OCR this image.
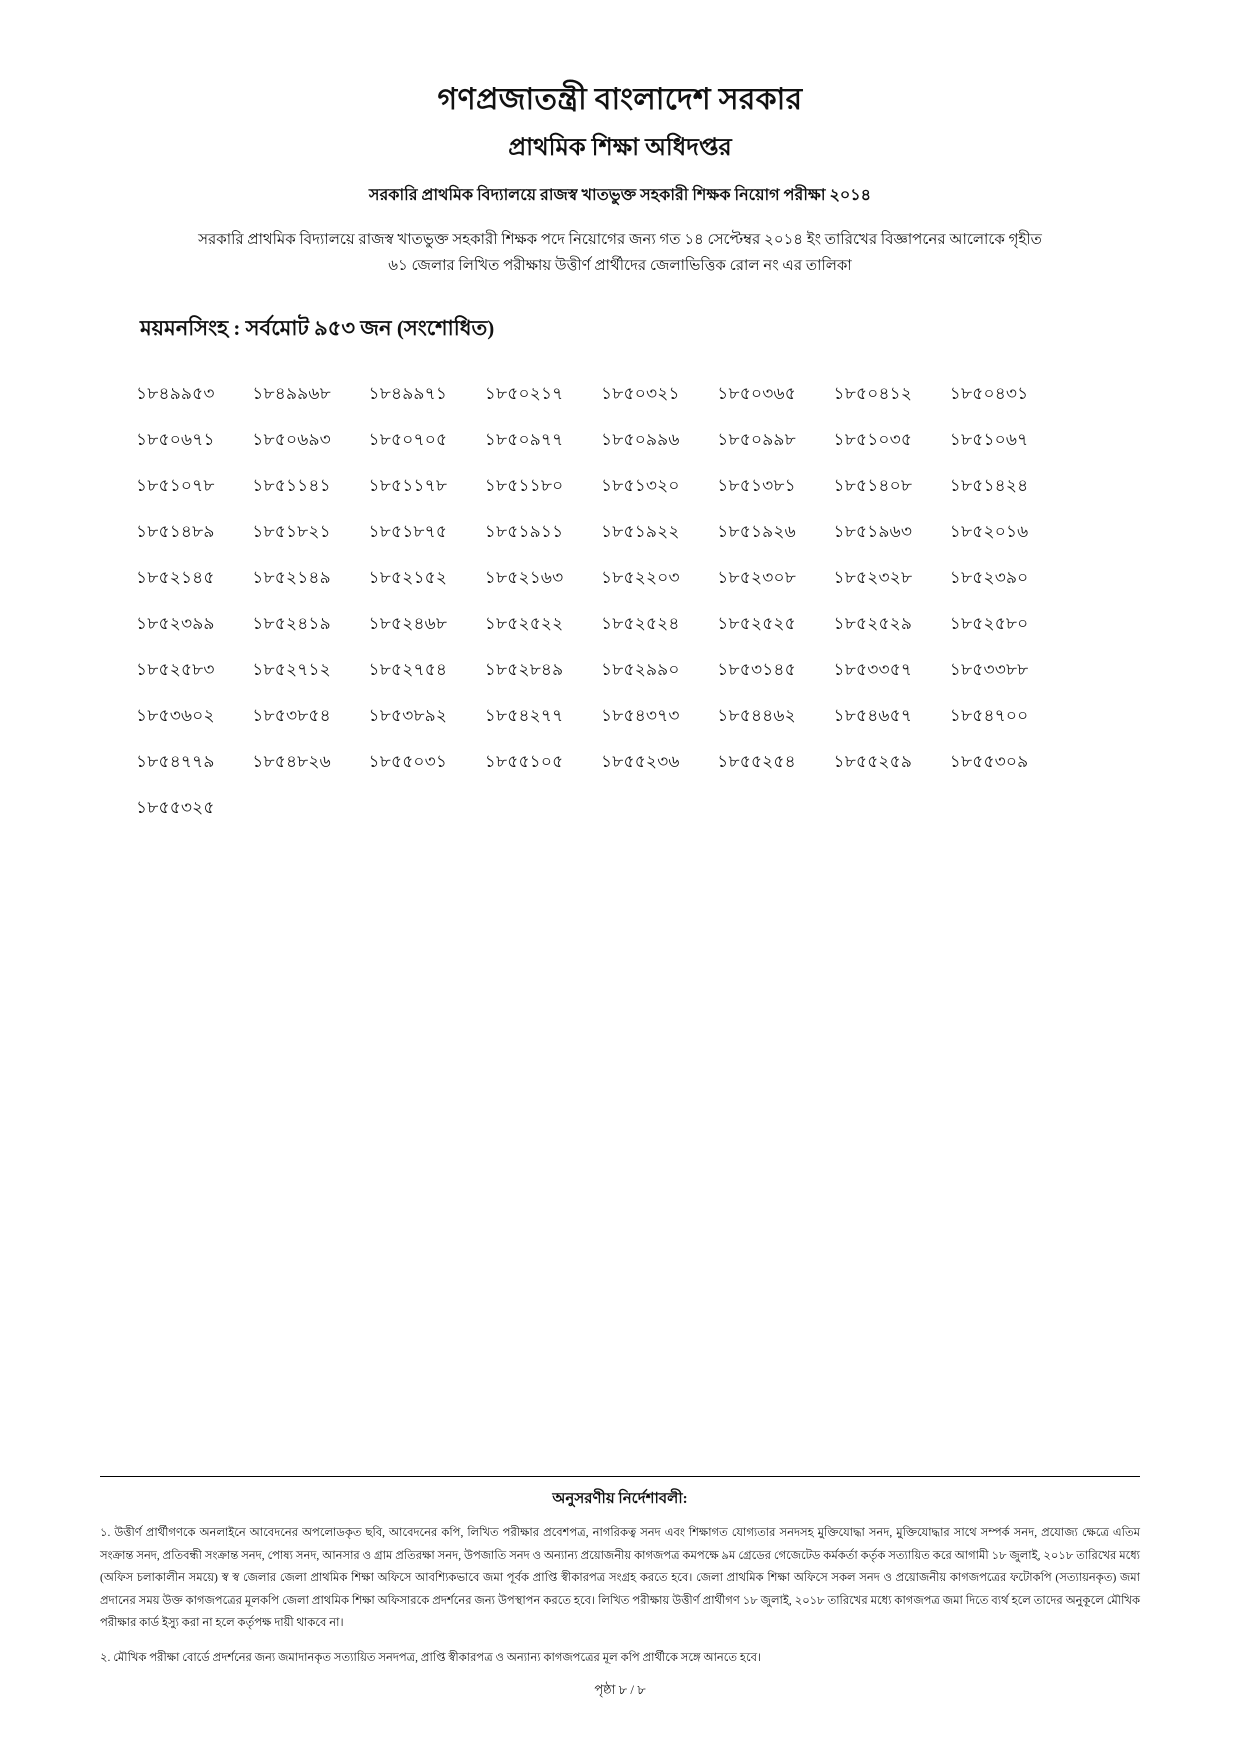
গণপ্রজাতন্ত্রী বাংলাদেশ সরকার
প্রাথমিক শিক্ষা অধিদপ্তর
সরকারি প্রাথমিক বিদ্যালয়ে রাজস্ব খাতভুক্ত সহকারী শিক্ষক নিয়োগ পরীক্ষা ২০১৪
সরকারি প্রাথমিক বিদ্যালয়ে রাজস্ব খাতভুক্ত সহকারী শিক্ষক পদে নিয়োগের জন্য গত ১৪ সেপ্টেম্বর ২০১৪ ইং তারিখের বিজ্ঞাপনের আলোকে গৃহীত ৬১ জেলার লিখিত পরীক্ষায় উত্তীর্ণ প্রার্থীদের জেলাভিত্তিক রোল নং এর তালিকা
ময়মনসিংহ : সর্বমোট ৯৫৩ জন (সংশোধিত)
১৮৪৯৯৫৩	১৮৪৯৯৬৮	১৮৪৯৯৭১	১৮৫০২১৭	১৮৫০৩২১	১৮৫০৩৬৫	১৮৫০৪১২	১৮৫০৪৩১
১৮৫০৬৭১	১৮৫০৬৯৩	১৮৫০৭০৫	১৮৫০৯৭৭	১৮৫০৯৯৬	১৮৫০৯৯৮	১৮৫১০৩৫	১৮৫১০৬৭
১৮৫১০৭৮	১৮৫১১৪১	১৮৫১১৭৮	১৮৫১১৮০	১৮৫১৩২০	১৮৫১৩৮১	১৮৫১৪০৮	১৮৫১৪২৪
১৮৫১৪৮৯	১৮৫১৮২১	১৮৫১৮৭৫	১৮৫১৯১১	১৮৫১৯২২	১৮৫১৯২৬	১৮৫১৯৬৩	১৮৫২০১৬
১৮৫২১৪৫	১৮৫২১৪৯	১৮৫২১৫২	১৮৫২১৬৩	১৮৫২২০৩	১৮৫২৩০৮	১৮৫২৩২৮	১৮৫২৩৯০
১৮৫২৩৯৯	১৮৫২৪১৯	১৮৫২৪৬৮	১৮৫২৫২২	১৮৫২৫২৪	১৮৫২৫২৫	১৮৫২৫২৯	১৮৫২৫৮০
১৮৫২৫৮৩	১৮৫২৭১২	১৮৫২৭৫৪	১৮৫২৮৪৯	১৮৫২৯৯০	১৮৫৩১৪৫	১৮৫৩৩৫৭	১৮৫৩৩৮৮
১৮৫৩৬০২	১৮৫৩৮৫৪	১৮৫৩৮৯২	১৮৫৪২৭৭	১৮৫৪৩৭৩	১৮৫৪৪৬২	১৮৫৪৬৫৭	১৮৫৪৭০০
১৮৫৪৭৭৯	১৮৫৪৮২৬	১৮৫৫০৩১	১৮৫৫১০৫	১৮৫৫২৩৬	১৮৫৫২৫৪	১৮৫৫২৫৯	১৮৫৫৩০৯
১৮৫৫৩২৫
অনুসরণীয় নির্দেশাবলী:
১. উত্তীর্ণ প্রার্থীগণকে অনলাইনে আবেদনের অপলোডকৃত ছবি, আবেদনের কপি, লিখিত পরীক্ষার প্রবেশপত্র, নাগরিকত্ব সনদ এবং শিক্ষাগত যোগ্যতার সনদসহ মুক্তিযোদ্ধা সনদ, মুক্তিযোদ্ধার সাথে সম্পর্ক সনদ, প্রযোজ্য ক্ষেত্রে এতিম সংক্রান্ত সনদ, প্রতিবন্ধী সংক্রান্ত সনদ, পোষ্য সনদ, আনসার ও গ্রাম প্রতিরক্ষা সনদ, উপজাতি সনদ ও অন্যান্য প্রয়োজনীয় কাগজপত্র কমপক্ষে ৯ম গ্রেডের গেজেটেড কর্মকর্তা কর্তৃক সত্যায়িত করে আগামী ১৮ জুলাই, ২০১৮ তারিখের মধ্যে (অফিস চলাকালীন সময়ে) স্ব স্ব জেলার জেলা প্রাথমিক শিক্ষা অফিসে আবশ্যিকভাবে জমা পূর্বক প্রাপ্তি স্বীকারপত্র সংগ্রহ করতে হবে। জেলা প্রাথমিক শিক্ষা অফিসে সকল সনদ ও প্রয়োজনীয় কাগজপত্রের ফটোকপি (সত্যায়নকৃত) জমা প্রদানের সময় উক্ত কাগজপত্রের মূলকপি জেলা প্রাথমিক শিক্ষা অফিসারকে প্রদর্শনের জন্য উপস্থাপন করতে হবে। লিখিত পরীক্ষায় উত্তীর্ণ প্রার্থীগণ ১৮ জুলাই, ২০১৮ তারিখের মধ্যে কাগজপত্র জমা দিতে ব্যর্থ হলে তাদের অনুকূলে মৌখিক পরীক্ষার কার্ড ইস্যু করা না হলে কর্তৃপক্ষ দায়ী থাকবে না।
২. মৌখিক পরীক্ষা বোর্ডে প্রদর্শনের জন্য জমাদানকৃত সত্যায়িত সনদপত্র, প্রাপ্তি স্বীকারপত্র ও অন্যান্য কাগজপত্রের মূল কপি প্রার্থীকে সঙ্গে আনতে হবে।
পৃষ্ঠা ৮ / ৮
